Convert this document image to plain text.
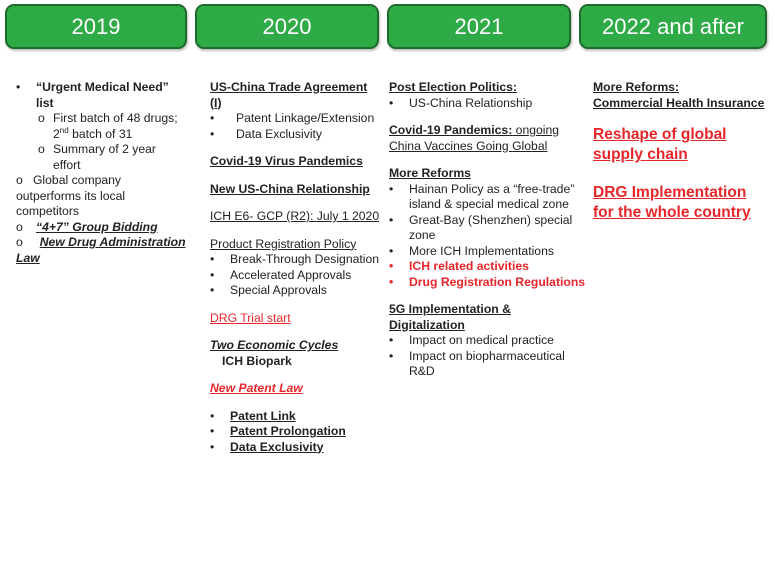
2019	2020	2021	2022 and after
•	“Urgent Medical Need” list
o First batch of 48 drugs; 2nd batch of 31
o Summary of 2 year effort
o Global company outperforms its local competitors
o	“4+7” Group Bidding
o New Drug Administration Law
US-China Trade Agreement (I)
•	Patent Linkage/Extension
•	Data Exclusivity
Covid-19 Virus Pandemics
New US-China Relationship
ICH E6- GCP (R2): July 1 2020
Product Registration Policy
•	Break-Through Designation
•	Accelerated Approvals
•	Special Approvals
DRG Trial start
Two Economic Cycles
ICH Biopark
New Patent Law
•	Patent Link
•	Patent Prolongation
•	Data Exclusivity
Post Election Politics:
•	US-China Relationship
Covid-19 Pandemics: ongoing China Vaccines Going Global
More Reforms
•	Hainan Policy as a “free-trade” island & special medical zone
•	Great-Bay (Shenzhen) special zone
•	More ICH Implementations
•	ICH related activities
•	Drug Registration Regulations
5G Implementation & Digitalization
•	Impact on medical practice
•	Impact on biopharmaceutical R&D
More Reforms:
Commercial Health Insurance
Reshape of global supply chain
DRG Implementation for the whole country
